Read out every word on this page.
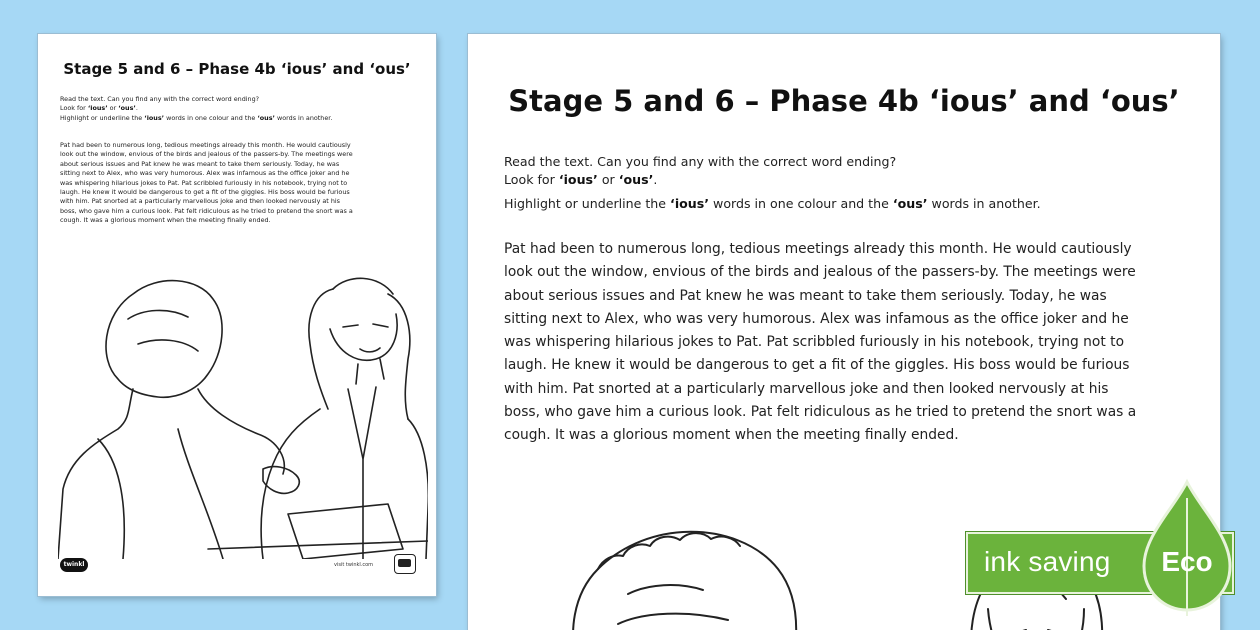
Stage 5 and 6 – Phase 4b ‘ious’ and ‘ous’
Read the text. Can you find any with the correct word ending?
Look for ‘ious’ or ‘ous’.
Highlight or underline the ‘ious’ words in one colour and the ‘ous’ words in another.
Pat had been to numerous long, tedious meetings already this month. He would cautiously
look out the window, envious of the birds and jealous of the passers-by. The meetings were
about serious issues and Pat knew he was meant to take them seriously. Today, he was
sitting next to Alex, who was very humorous. Alex was infamous as the office joker and he
was whispering hilarious jokes to Pat. Pat scribbled furiously in his notebook, trying not to
laugh. He knew it would be dangerous to get a fit of the giggles. His boss would be furious
with him. Pat snorted at a particularly marvellous joke and then looked nervously at his
boss, who gave him a curious look. Pat felt ridiculous as he tried to pretend the snort was a
cough. It was a glorious moment when the meeting finally ended.
twinkl	visit twinkl.com
Stage 5 and 6 – Phase 4b ‘ious’ and ‘ous’
Read the text. Can you find any with the correct word ending?
Look for ‘ious’ or ‘ous’.
Highlight or underline the ‘ious’ words in one colour and the ‘ous’ words in another.
Pat had been to numerous long, tedious meetings already this month. He would cautiously
look out the window, envious of the birds and jealous of the passers-by. The meetings were
about serious issues and Pat knew he was meant to take them seriously. Today, he was
sitting next to Alex, who was very humorous. Alex was infamous as the office joker and he
was whispering hilarious jokes to Pat. Pat scribbled furiously in his notebook, trying not to
laugh. He knew it would be dangerous to get a fit of the giggles. His boss would be furious
with him. Pat snorted at a particularly marvellous joke and then looked nervously at his
boss, who gave him a curious look. Pat felt ridiculous as he tried to pretend the snort was a
cough. It was a glorious moment when the meeting finally ended.
ink saving	Eco
